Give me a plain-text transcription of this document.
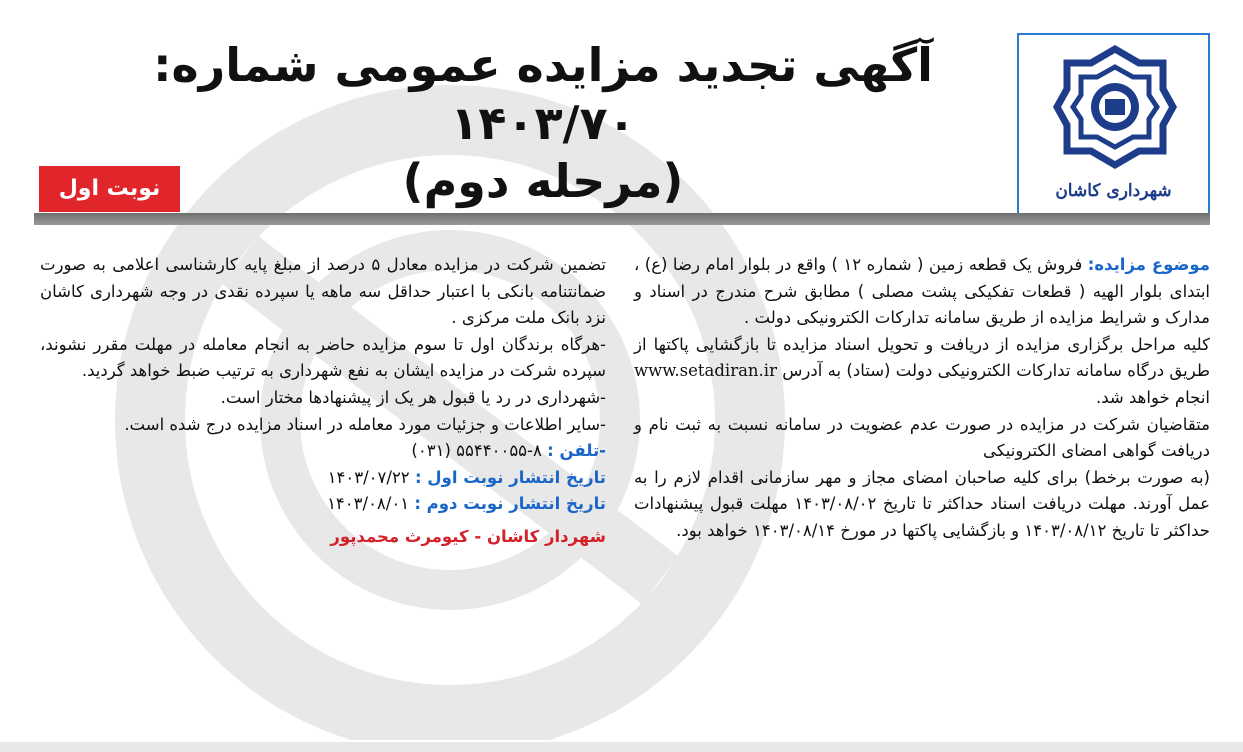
شهرداری کاشان
آگهی تجدید مزایده عمومی شماره: ۱۴۰۳/۷۰
(مرحله دوم)
نوبت اول

موضوع مزایده: فروش یک قطعه زمین ( شماره ۱۲ ) واقع در بلوار امام رضا (ع) ، ابتدای بلوار الهیه ( قطعات تفکیکی پشت مصلی ) مطابق شرح مندرج در اسناد و مدارک و شرایط مزایده از طریق سامانه تدارکات الکترونیکی دولت .

کلیه مراحل برگزاری مزایده از دریافت و تحویل اسناد مزایده تا بازگشایی پاکتها از طریق درگاه سامانه تدارکات الکترونیکی دولت (ستاد) به آدرس www.setadiran.ir انجام خواهد شد.

متقاضیان شرکت در مزایده در صورت عدم عضویت در سامانه نسبت به ثبت نام و دریافت گواهی امضای الکترونیکی

(به صورت برخط) برای کلیه صاحبان امضای مجاز و مهر سازمانی اقدام لازم را به عمل آورند. مهلت دریافت اسناد حداکثر تا تاریخ ۱۴۰۳/۰۸/۰۲ مهلت قبول پیشنهادات حداکثر تا تاریخ ۱۴۰۳/۰۸/۱۲ و بازگشایی پاکتها در مورخ ۱۴۰۳/۰۸/۱۴ خواهد بود.

تضمین شرکت در مزایده معادل ۵ درصد از مبلغ پایه کارشناسی اعلامی به صورت ضمانتنامه بانکی با اعتبار حداقل سه ماهه یا سپرده نقدی در وجه شهرداری کاشان نزد بانک ملت مرکزی .

-هرگاه برندگان اول تا سوم مزایده حاضر به انجام معامله در مهلت مقرر نشوند، سپرده شرکت در مزایده ایشان به نفع شهرداری به ترتیب ضبط خواهد گردید.

-شهرداری در رد یا قبول هر یک از پیشنهادها مختار است.

-سایر اطلاعات و جزئیات مورد معامله در اسناد مزایده درج شده است.

-تلفن : ۸-۵۵۴۴۰۰۵۵ (۰۳۱)

تاریخ انتشار نوبت اول : ۱۴۰۳/۰۷/۲۲

تاریخ انتشار نوبت دوم : ۱۴۰۳/۰۸/۰۱

شهردار کاشان - کیومرث محمدپور
